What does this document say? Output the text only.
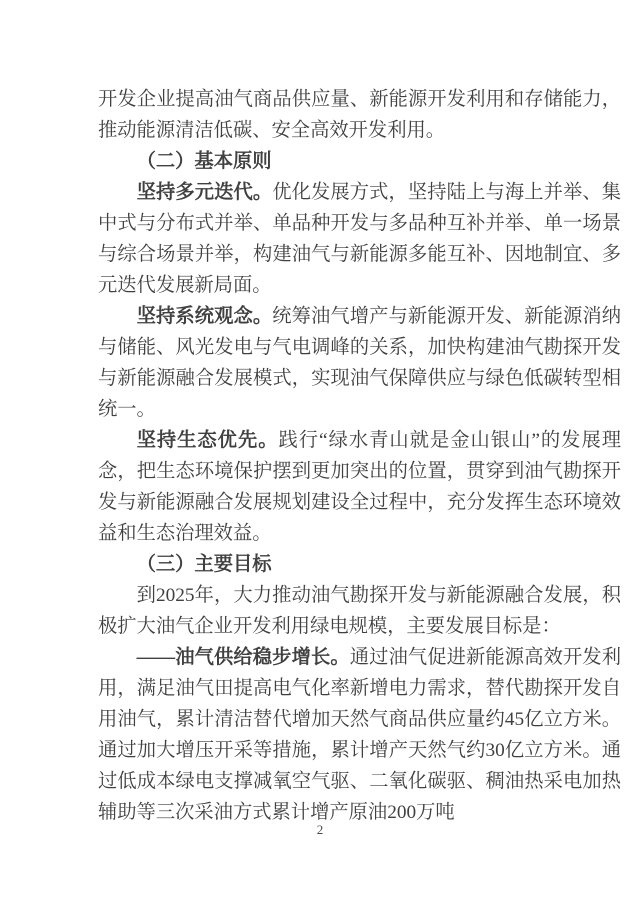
开发企业提高油气商品供应量、新能源开发利用和存储能力，推动能源清洁低碳、安全高效开发利用。

（二）基本原则

坚持多元迭代。优化发展方式，坚持陆上与海上并举、集中式与分布式并举、单品种开发与多品种互补并举、单一场景与综合场景并举，构建油气与新能源多能互补、因地制宜、多元迭代发展新局面。

坚持系统观念。统筹油气增产与新能源开发、新能源消纳与储能、风光发电与气电调峰的关系，加快构建油气勘探开发与新能源融合发展模式，实现油气保障供应与绿色低碳转型相统一。

坚持生态优先。践行“绿水青山就是金山银山”的发展理念，把生态环境保护摆到更加突出的位置，贯穿到油气勘探开发与新能源融合发展规划建设全过程中，充分发挥生态环境效益和生态治理效益。

（三）主要目标

到2025年，大力推动油气勘探开发与新能源融合发展，积极扩大油气企业开发利用绿电规模，主要发展目标是：

——油气供给稳步增长。通过油气促进新能源高效开发利用，满足油气田提高电气化率新增电力需求，替代勘探开发自用油气，累计清洁替代增加天然气商品供应量约45亿立方米。通过加大增压开采等措施，累计增产天然气约30亿立方米。通过低成本绿电支撑减氧空气驱、二氧化碳驱、稠油热采电加热辅助等三次采油方式累计增产原油200万吨

2
